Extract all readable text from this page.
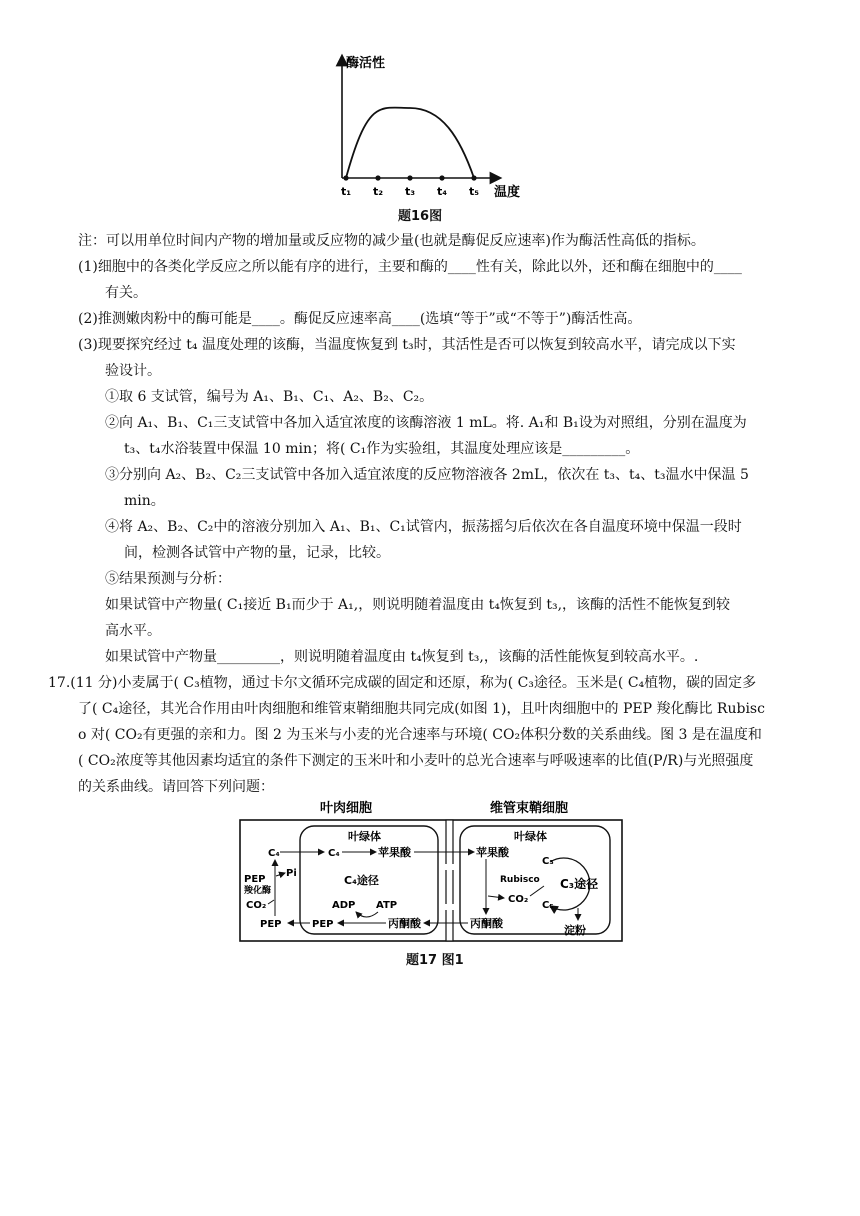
酶活性
温度
t₁ t₂ t₃ t₄ t₅
题16图
注：可以用单位时间内产物的增加量或反应物的减少量(也就是酶促反应速率)作为酶活性高低的指标。
(1)细胞中的各类化学反应之所以能有序的进行，主要和酶的____性有关，除此以外，还和酶在细胞中的____
有关。
(2)推测嫩肉粉中的酶可能是____。酶促反应速率高____(选填“等于”或“不等于”)酶活性高。
(3)现要探究经过 t₄ 温度处理的该酶，当温度恢复到 t₃时，其活性是否可以恢复到较高水平，请完成以下实
验设计。
①取 6 支试管，编号为 A₁、B₁、C₁、A₂、B₂、C₂。
②向 A₁、B₁、C₁三支试管中各加入适宜浓度的该酶溶液 1 mL。将. A₁和 B₁设为对照组，分别在温度为
t₃、t₄水浴装置中保温 10 min；将( C₁作为实验组，其温度处理应该是_________。
③分别向 A₂、B₂、C₂三支试管中各加入适宜浓度的反应物溶液各 2mL，依次在 t₃、t₄、t₃温水中保温 5
min。
④将 A₂、B₂、C₂中的溶液分别加入 A₁、B₁、C₁试管内，振荡摇匀后依次在各自温度环境中保温一段时
间，检测各试管中产物的量，记录，比较。
⑤结果预测与分析：
如果试管中产物量( C₁接近 B₁而少于 A₁,，则说明随着温度由 t₄恢复到 t₃,，该酶的活性不能恢复到较
高水平。
如果试管中产物量_________，则说明随着温度由 t₄恢复到 t₃,，该酶的活性能恢复到较高水平。.
17.(11 分)小麦属于( C₃植物，通过卡尔文循环完成碳的固定和还原，称为( C₃途径。玉米是( C₄植物，碳的固定多
了( C₄途径，其光合作用由叶肉细胞和维管束鞘细胞共同完成(如图 1)，且叶肉细胞中的 PEP 羧化酶比 Rubisc
o 对( CO₂有更强的亲和力。图 2 为玉米与小麦的光合速率与环境( CO₂体积分数的关系曲线。图 3 是在温度和
( CO₂浓度等其他因素均适宜的条件下测定的玉米叶和小麦叶的总光合速率与呼吸速率的比值(P/R)与光照强度
的关系曲线。请回答下列问题：
叶肉细胞	维管束鞘细胞
叶绿体	叶绿体
C₄
Pi
PEP
羧化酶
CO₂
PEP
C₄	苹果酸
C₄途径
ADP ATP
PEP	丙酮酸
苹果酸
Rubisco
CO₂
丙酮酸
C₃
C₃途径
C₅
淀粉
题17 图1
